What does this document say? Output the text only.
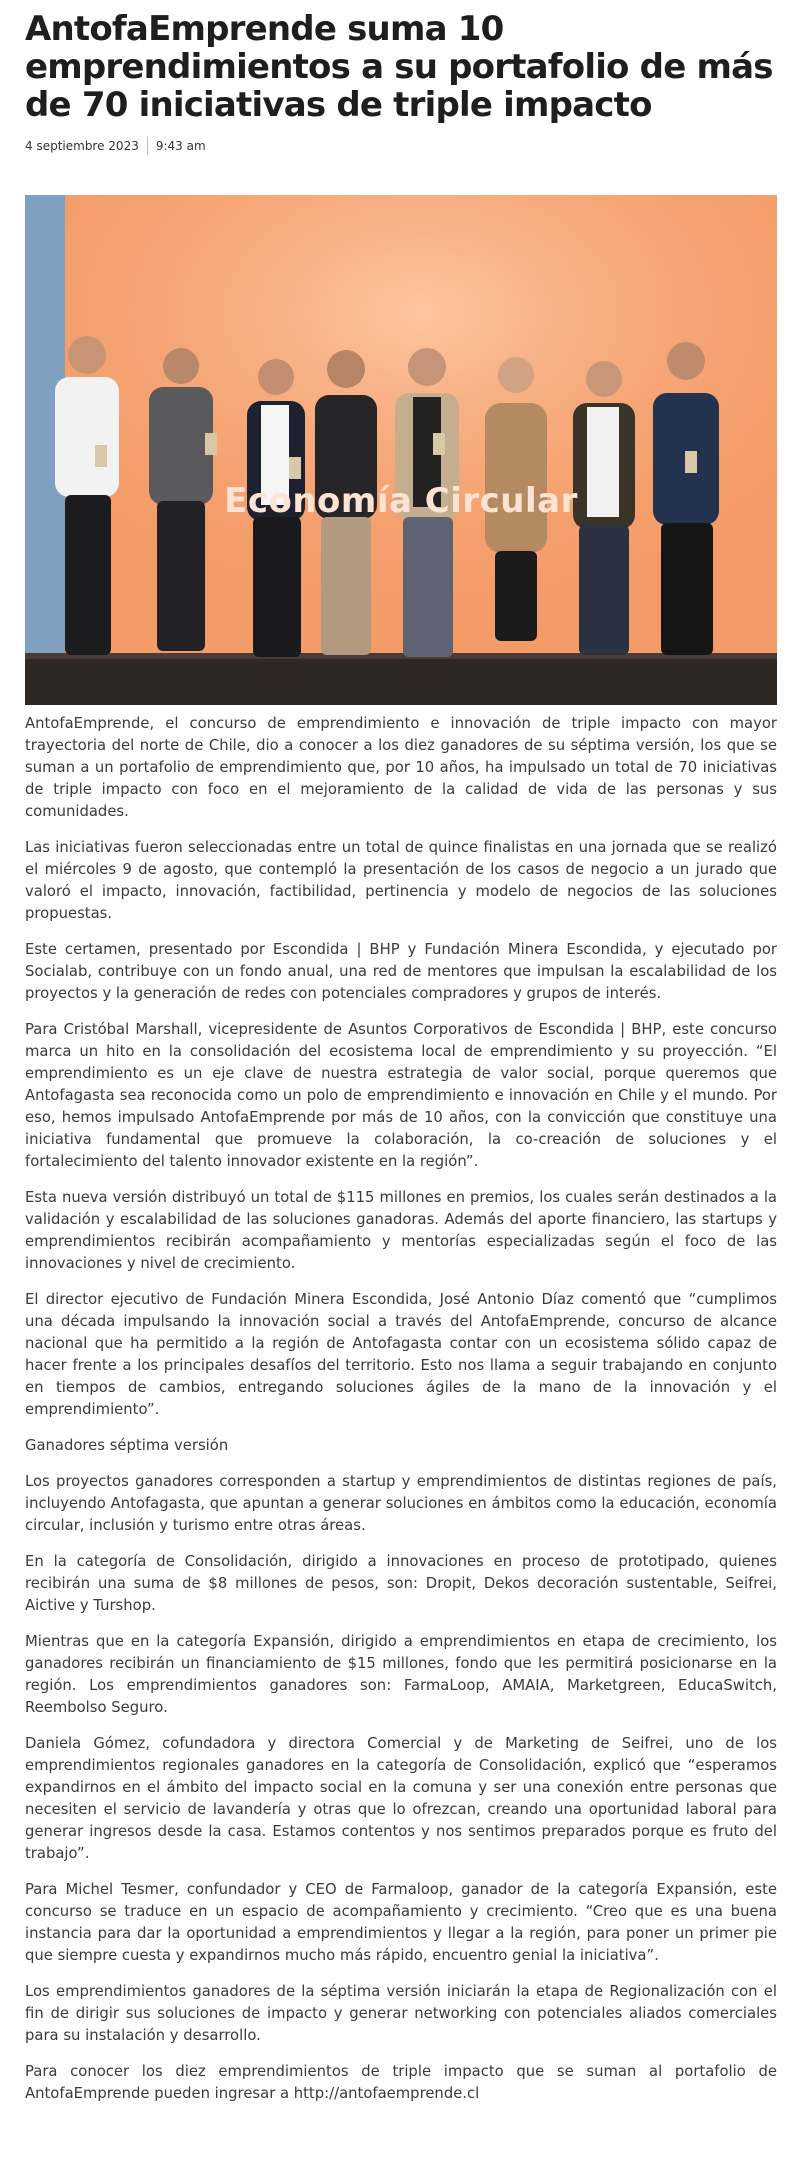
AntofaEmprende suma 10 emprendimientos a su portafolio de más de 70 iniciativas de triple impacto
4 septiembre 2023 9:43 am
Economía Circular

AntofaEmprende, el concurso de emprendimiento e innovación de triple impacto con mayor trayectoria del norte de Chile, dio a conocer a los diez ganadores de su séptima versión, los que se suman a un portafolio de emprendimiento que, por 10 años, ha impulsado un total de 70 iniciativas de triple impacto con foco en el mejoramiento de la calidad de vida de las personas y sus comunidades.

Las iniciativas fueron seleccionadas entre un total de quince finalistas en una jornada que se realizó el miércoles 9 de agosto, que contempló la presentación de los casos de negocio a un jurado que valoró el impacto, innovación, factibilidad, pertinencia y modelo de negocios de las soluciones propuestas.

Este certamen, presentado por Escondida | BHP y Fundación Minera Escondida, y ejecutado por Socialab, contribuye con un fondo anual, una red de mentores que impulsan la escalabilidad de los proyectos y la generación de redes con potenciales compradores y grupos de interés.

Para Cristóbal Marshall, vicepresidente de Asuntos Corporativos de Escondida | BHP, este concurso marca un hito en la consolidación del ecosistema local de emprendimiento y su proyección. “El emprendimiento es un eje clave de nuestra estrategia de valor social, porque queremos que Antofagasta sea reconocida como un polo de emprendimiento e innovación en Chile y el mundo. Por eso, hemos impulsado AntofaEmprende por más de 10 años, con la convicción que constituye una iniciativa fundamental que promueve la colaboración, la co-creación de soluciones y el fortalecimiento del talento innovador existente en la región”.

Esta nueva versión distribuyó un total de $115 millones en premios, los cuales serán destinados a la validación y escalabilidad de las soluciones ganadoras. Además del aporte financiero, las startups y emprendimientos recibirán acompañamiento y mentorías especializadas según el foco de las innovaciones y nivel de crecimiento.

El director ejecutivo de Fundación Minera Escondida, José Antonio Díaz comentó que “cumplimos una década impulsando la innovación social a través del AntofaEmprende, concurso de alcance nacional que ha permitido a la región de Antofagasta contar con un ecosistema sólido capaz de hacer frente a los principales desafíos del territorio. Esto nos llama a seguir trabajando en conjunto en tiempos de cambios, entregando soluciones ágiles de la mano de la innovación y el emprendimiento”.

Ganadores séptima versión

Los proyectos ganadores corresponden a startup y emprendimientos de distintas regiones de país, incluyendo Antofagasta, que apuntan a generar soluciones en ámbitos como la educación, economía circular, inclusión y turismo entre otras áreas.

En la categoría de Consolidación, dirigido a innovaciones en proceso de prototipado, quienes recibirán una suma de $8 millones de pesos, son: Dropit, Dekos decoración sustentable, Seifrei, Aictive y Turshop.

Mientras que en la categoría Expansión, dirigido a emprendimientos en etapa de crecimiento, los ganadores recibirán un financiamiento de $15 millones, fondo que les permitirá posicionarse en la región. Los emprendimientos ganadores son: FarmaLoop, AMAIA, Marketgreen, EducaSwitch, Reembolso Seguro.

Daniela Gómez, cofundadora y directora Comercial y de Marketing de Seifrei, uno de los emprendimientos regionales ganadores en la categoría de Consolidación, explicó que “esperamos expandirnos en el ámbito del impacto social en la comuna y ser una conexión entre personas que necesiten el servicio de lavandería y otras que lo ofrezcan, creando una oportunidad laboral para generar ingresos desde la casa. Estamos contentos y nos sentimos preparados porque es fruto del trabajo”.

Para Michel Tesmer, confundador y CEO de Farmaloop, ganador de la categoría Expansión, este concurso se traduce en un espacio de acompañamiento y crecimiento. “Creo que es una buena instancia para dar la oportunidad a emprendimientos y llegar a la región, para poner un primer pie que siempre cuesta y expandirnos mucho más rápido, encuentro genial la iniciativa”.

Los emprendimientos ganadores de la séptima versión iniciarán la etapa de Regionalización con el fin de dirigir sus soluciones de impacto y generar networking con potenciales aliados comerciales para su instalación y desarrollo.

Para conocer los diez emprendimientos de triple impacto que se suman al portafolio de AntofaEmprende pueden ingresar a http://antofaemprende.cl
